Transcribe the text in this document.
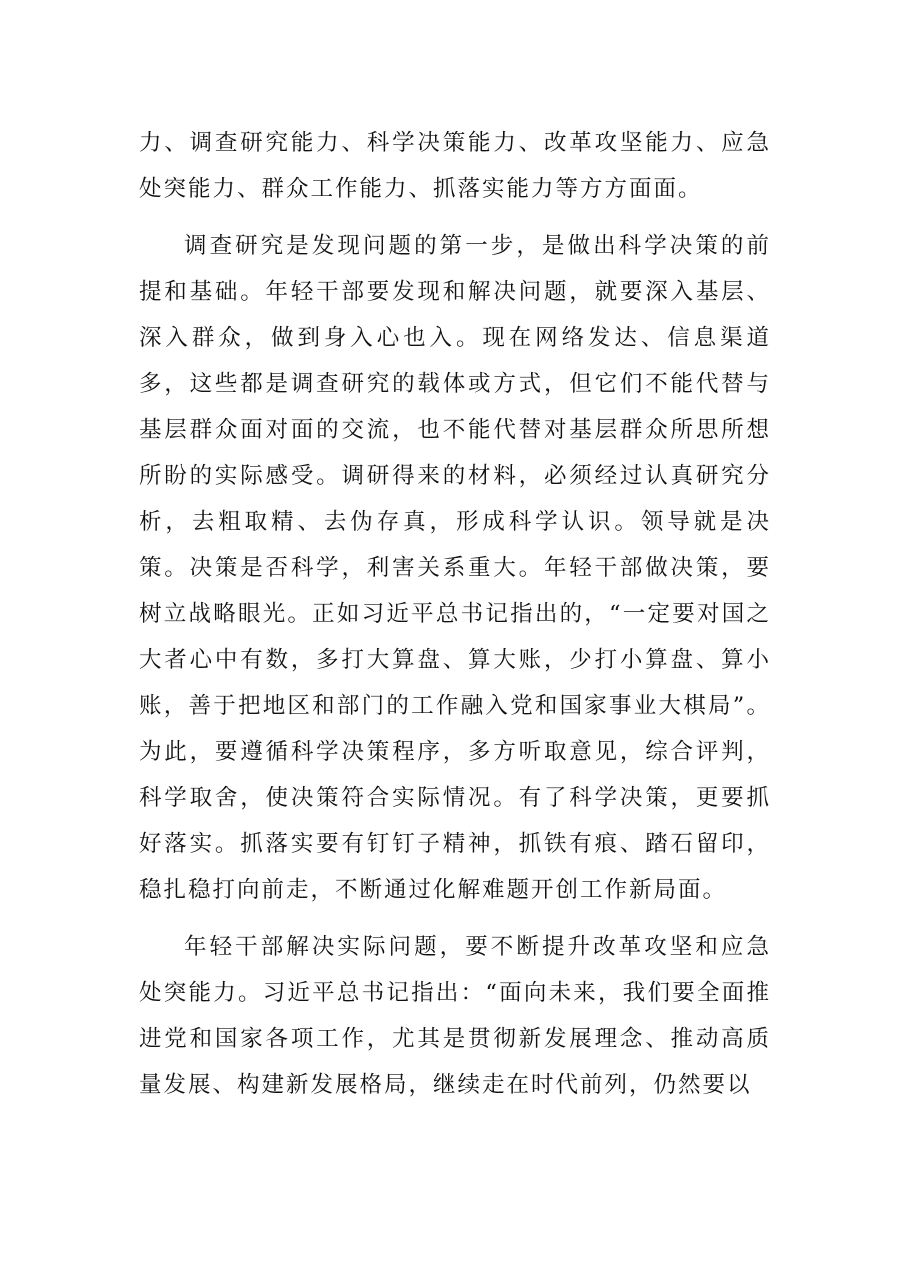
力、调查研究能力、科学决策能力、改革攻坚能力、应急处突能力、群众工作能力、抓落实能力等方方面面。

调查研究是发现问题的第一步，是做出科学决策的前提和基础。年轻干部要发现和解决问题，就要深入基层、深入群众，做到身入心也入。现在网络发达、信息渠道多，这些都是调查研究的载体或方式，但它们不能代替与基层群众面对面的交流，也不能代替对基层群众所思所想所盼的实际感受。调研得来的材料，必须经过认真研究分析，去粗取精、去伪存真，形成科学认识。领导就是决策。决策是否科学，利害关系重大。年轻干部做决策，要树立战略眼光。正如习近平总书记指出的，“一定要对国之大者心中有数，多打大算盘、算大账，少打小算盘、算小账，善于把地区和部门的工作融入党和国家事业大棋局”。为此，要遵循科学决策程序，多方听取意见，综合评判，科学取舍，使决策符合实际情况。有了科学决策，更要抓好落实。抓落实要有钉钉子精神，抓铁有痕、踏石留印，稳扎稳打向前走，不断通过化解难题开创工作新局面。

年轻干部解决实际问题，要不断提升改革攻坚和应急处突能力。习近平总书记指出：“面向未来，我们要全面推进党和国家各项工作，尤其是贯彻新发展理念、推动高质量发展、构建新发展格局，继续走在时代前列，仍然要以
